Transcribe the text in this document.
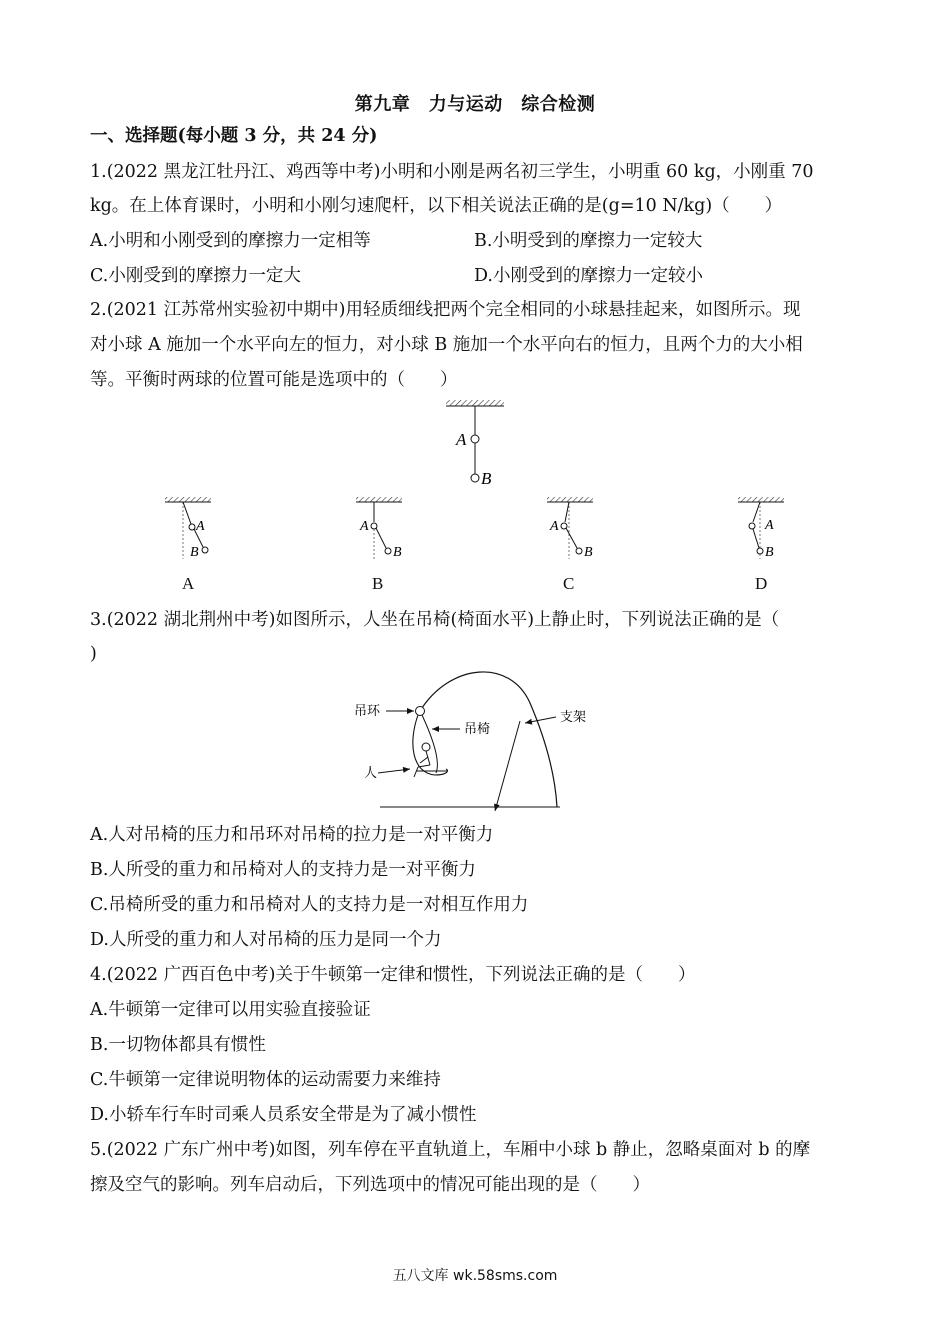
第九章　力与运动　综合检测
一、选择题(每小题 3 分，共 24 分)
1.(2022 黑龙江牡丹江、鸡西等中考)小明和小刚是两名初三学生，小明重 60 kg，小刚重 70
kg。在上体育课时，小明和小刚匀速爬杆，以下相关说法正确的是(g=10 N/kg)（　　）
A.小明和小刚受到的摩擦力一定相等	B.小明受到的摩擦力一定较大
C.小刚受到的摩擦力一定大	D.小刚受到的摩擦力一定较小
2.(2021 江苏常州实验初中期中)用轻质细线把两个完全相同的小球悬挂起来，如图所示。现
对小球 A 施加一个水平向左的恒力，对小球 B 施加一个水平向右的恒力，且两个力的大小相
等。平衡时两球的位置可能是选项中的（　　）
A
B
A
B
A
B
A
B
A
B
A	B	C	D
3.(2022 湖北荆州中考)如图所示，人坐在吊椅(椅面水平)上静止时，下列说法正确的是（
)
吊环
吊椅
支架
人
A.人对吊椅的压力和吊环对吊椅的拉力是一对平衡力
B.人所受的重力和吊椅对人的支持力是一对平衡力
C.吊椅所受的重力和吊椅对人的支持力是一对相互作用力
D.人所受的重力和人对吊椅的压力是同一个力
4.(2022 广西百色中考)关于牛顿第一定律和惯性，下列说法正确的是（　　）
A.牛顿第一定律可以用实验直接验证
B.一切物体都具有惯性
C.牛顿第一定律说明物体的运动需要力来维持
D.小轿车行车时司乘人员系安全带是为了减小惯性
5.(2022 广东广州中考)如图，列车停在平直轨道上，车厢中小球 b 静止，忽略桌面对 b 的摩
擦及空气的影响。列车启动后，下列选项中的情况可能出现的是（　　）
五八文库 wk.58sms.com
